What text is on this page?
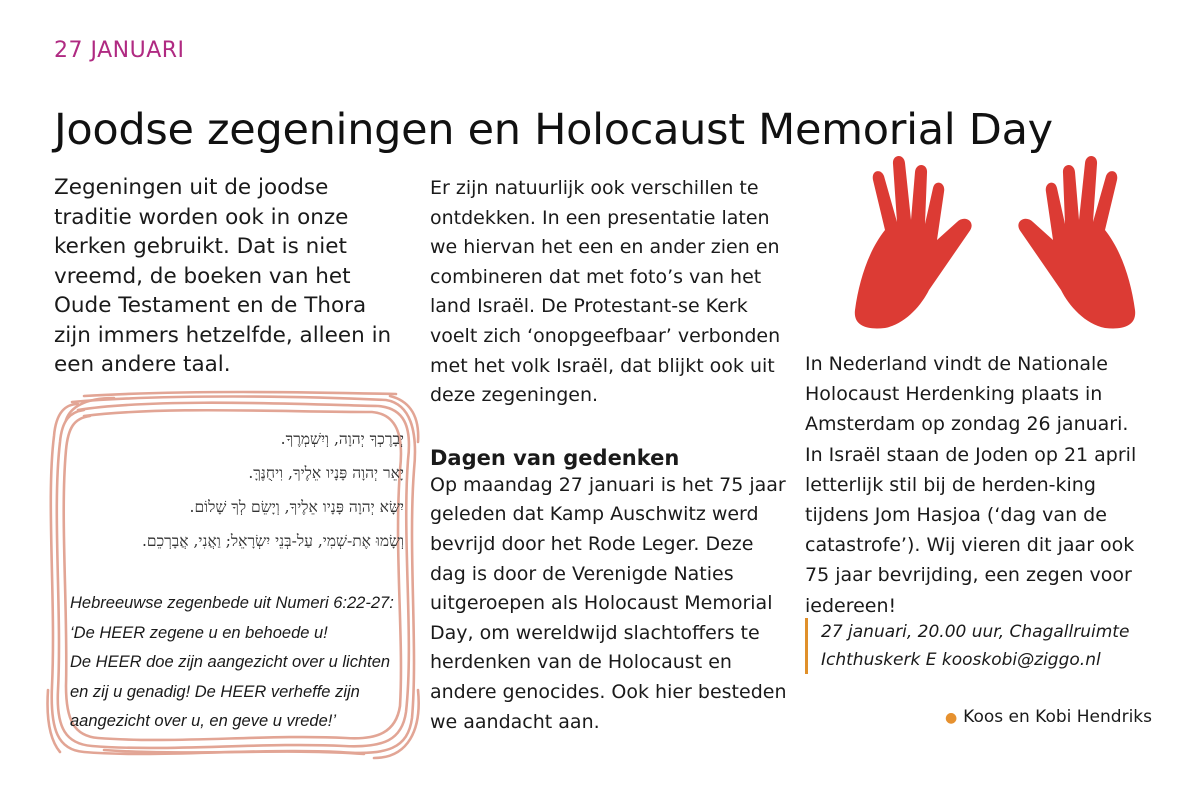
27 JANUARI
Joodse zegeningen en Holocaust Memorial Day

Zegeningen uit de joodse traditie worden ook in onze kerken gebruikt. Dat is niet vreemd, de boeken van het Oude Testament en de Thora zijn immers hetzelfde, alleen in een andere taal.

יְבָרֶכְךָ יְהוָה, וְיִשְׁמְרֶךָ.
יָאֵר יְהוָה פָּנָיו אֵלֶיךָ, וִיחֻנֶּךָּ.
יִשָּׂא יְהוָה פָּנָיו אֵלֶיךָ, וְיָשֵׂם לְךָ שָׁלוֹם.
וְשָׂמוּ אֶת-שְׁמִי, עַל-בְּנֵי יִשְׂרָאֵל; וַאֲנִי, אֲבָרְכֵם.
Hebreeuwse zegenbede uit Numeri 6:22-27:
‘De HEER zegene u en behoede u!
De HEER doe zijn aangezicht over u lichten
en zij u genadig! De HEER verheffe zijn
aangezicht over u, en geve u vrede!’

Er zijn natuurlijk ook verschillen te ontdekken. In een presentatie laten we hiervan het een en ander zien en combineren dat met foto’s van het land Israël. De Protestant-se Kerk voelt zich ‘onopgeefbaar’ verbonden met het volk Israël, dat blijkt ook uit deze zegeningen.

Dagen van gedenken

Op maandag 27 januari is het 75 jaar geleden dat Kamp Auschwitz werd bevrijd door het Rode Leger. Deze dag is door de Verenigde Naties uitgeroepen als Holocaust Memorial Day, om wereldwijd slachtoffers te herdenken van de Holocaust en andere genocides. Ook hier besteden we aandacht aan.

In Nederland vindt de Nationale Holocaust Herdenking plaats in Amsterdam op zondag 26 januari. In Israël staan de Joden op 21 april letterlijk stil bij de herden-king tijdens Jom Hasjoa (‘dag van de catastrofe’). Wij vieren dit jaar ook 75 jaar bevrijding, een zegen voor iedereen!

27 januari, 20.00 uur, Chagallruimte
Ichthuskerk E kooskobi@ziggo.nl
● Koos en Kobi Hendriks
